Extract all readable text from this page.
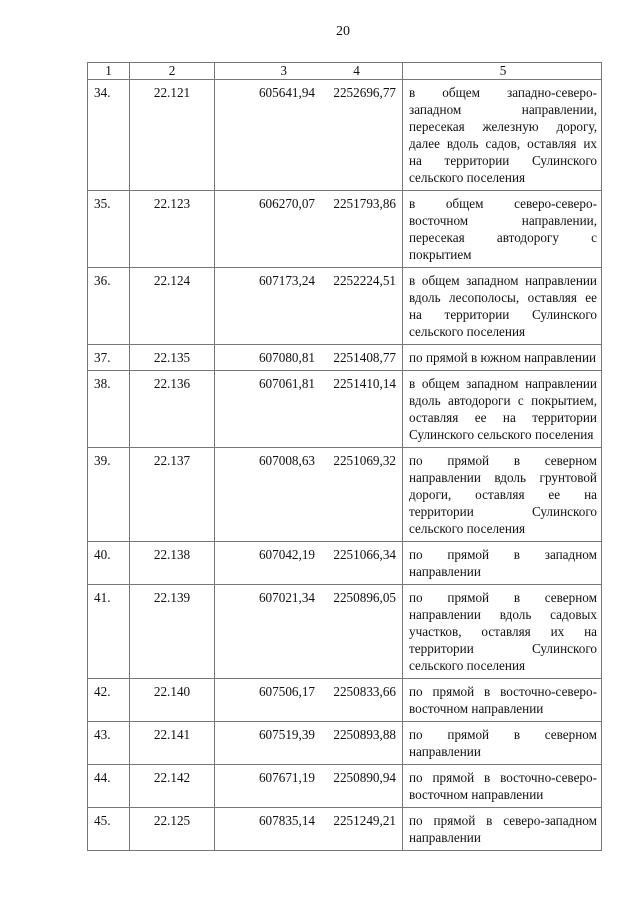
20
1	2	3	4	5
34.	22.121	605641,94	2252696,77	в общем западно-северо-западном направлении, пересекая железную дорогу, далее вдоль садов, оставляя их на территории Сулинского сельского поселения
35.	22.123	606270,07	2251793,86	в общем северо-северо-восточном направлении, пересекая автодорогу с покрытием
36.	22.124	607173,24	2252224,51	в общем западном направлении вдоль лесополосы, оставляя ее на территории Сулинского сельского поселения
37.	22.135	607080,81	2251408,77	по прямой в южном направлении
38.	22.136	607061,81	2251410,14	в общем западном направлении вдоль автодороги с покрытием, оставляя ее на территории Сулинского сельского поселения
39.	22.137	607008,63	2251069,32	по прямой в северном направлении вдоль грунтовой дороги, оставляя ее на территории Сулинского сельского поселения
40.	22.138	607042,19	2251066,34	по прямой в западном направлении
41.	22.139	607021,34	2250896,05	по прямой в северном направлении вдоль садовых участков, оставляя их на территории Сулинского сельского поселения
42.	22.140	607506,17	2250833,66	по прямой в восточно-северо-восточном направлении
43.	22.141	607519,39	2250893,88	по прямой в северном направлении
44.	22.142	607671,19	2250890,94	по прямой в восточно-северо-восточном направлении
45.	22.125	607835,14	2251249,21	по прямой в северо-западном направлении
